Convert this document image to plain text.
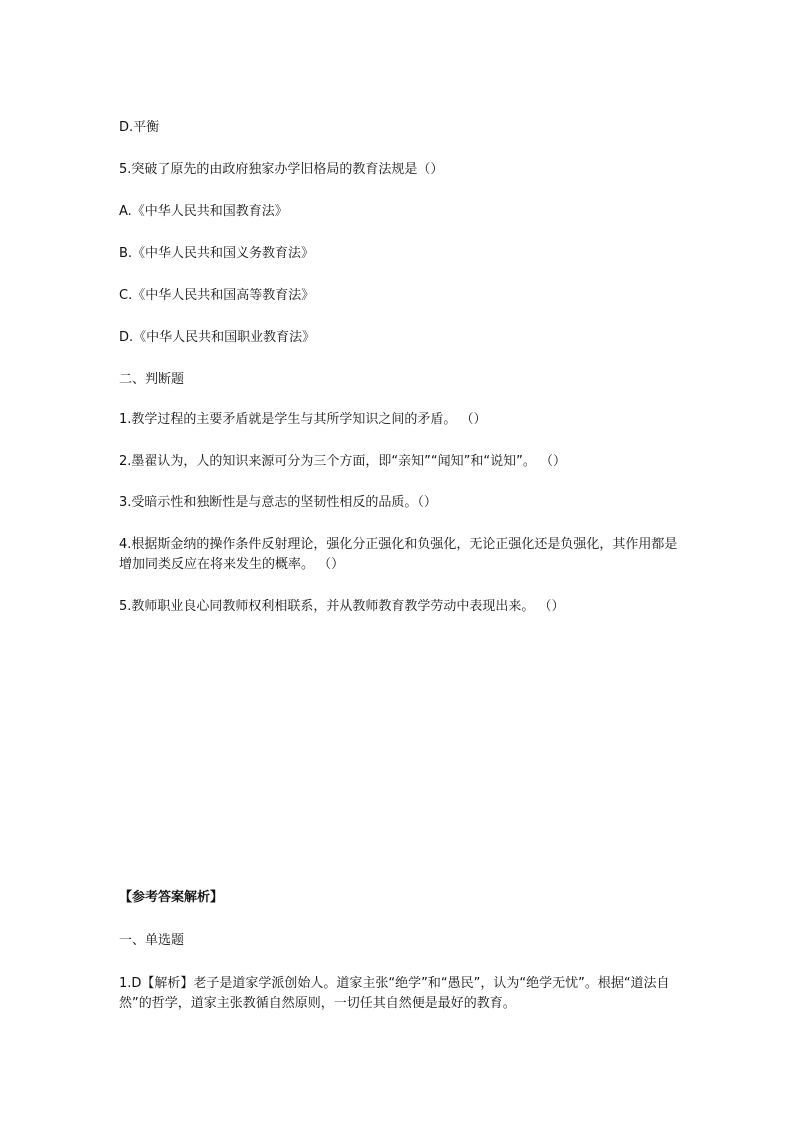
D.平衡
5.突破了原先的由政府独家办学旧格局的教育法规是（）
A.《中华人民共和国教育法》
B.《中华人民共和国义务教育法》
C.《中华人民共和国高等教育法》
D.《中华人民共和国职业教育法》
二、判断题
1.教学过程的主要矛盾就是学生与其所学知识之间的矛盾。 （）
2.墨翟认为，人的知识来源可分为三个方面，即“亲知”“闻知”和“说知”。 （）
3.受暗示性和独断性是与意志的坚韧性相反的品质。（）
4.根据斯金纳的操作条件反射理论，强化分正强化和负强化，无论正强化还是负强化，其作用都是增加同类反应在将来发生的概率。 （）
5.教师职业良心同教师权利相联系，并从教师教育教学劳动中表现出来。 （）
【参考答案解析】
一、单选题
1.D【解析】老子是道家学派创始人。道家主张“绝学”和“愚民”，认为“绝学无忧”。根据“道法自然”的哲学，道家主张教循自然原则，一切任其自然便是最好的教育。
